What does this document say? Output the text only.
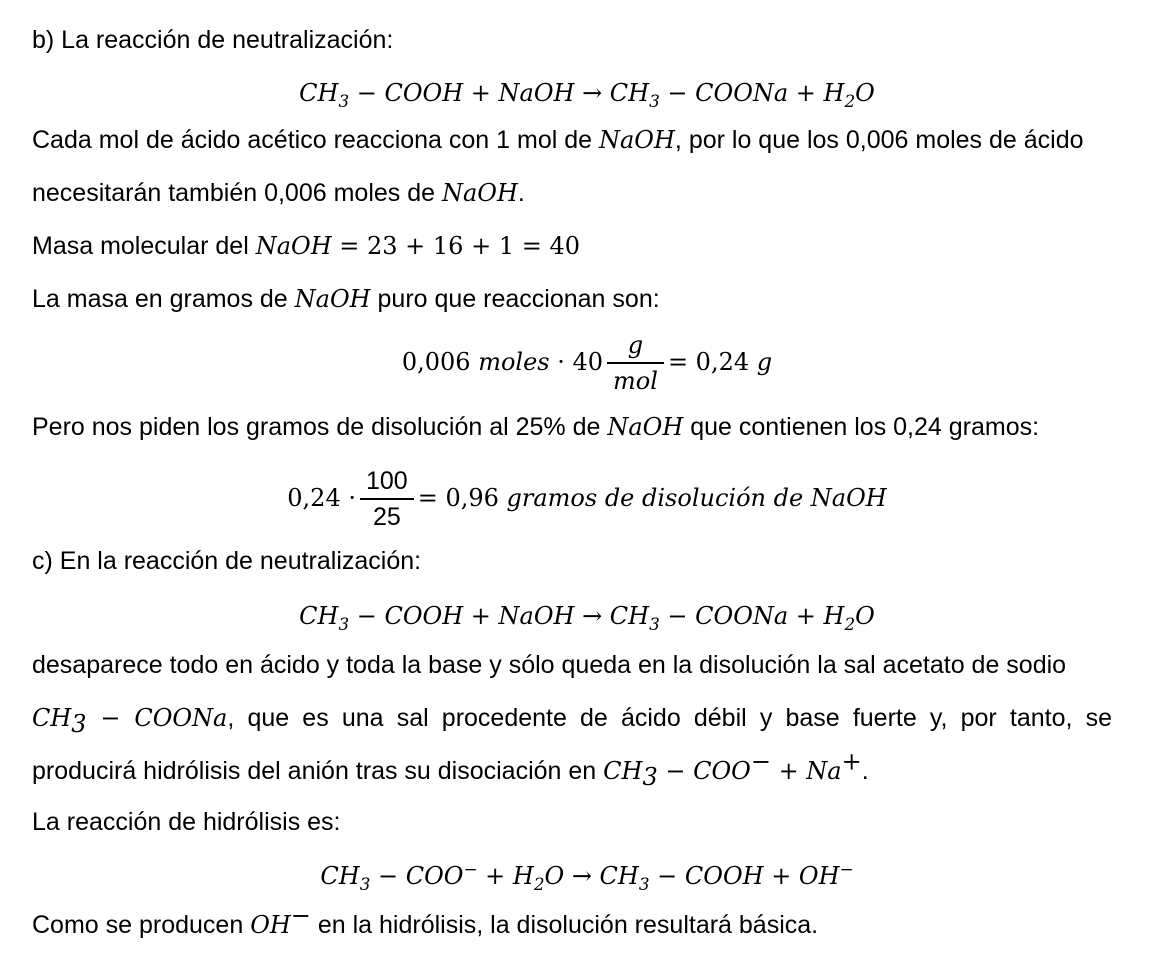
b) La reacción de neutralización:
$CH_3$ − COOH + NaOH → $CH_3$ − COONa + $H_2O$
Cada mol de ácido acético reacciona con 1 mol de NaOH, por lo que los 0,006 moles de ácido
necesitarán también 0,006 moles de NaOH.
Masa molecular del NaOH = 23 + 16 + 1 = 40
La masa en gramos de NaOH puro que reaccionan son:
0,006 moles · $40 \frac{g}{\text{mol}} = 0,24$ g
Pero nos piden los gramos de disolución al 25% de NaOH que contienen los 0,24 gramos:
$0,24 \cdot \frac{100}{25} = 0,96$ gramos de disolución de NaOH
c) En la reacción de neutralización:
$CH_3$ − COOH + NaOH → $CH_3$ − COONa + $H_2O$
desaparece todo en ácido y toda la base y sólo queda en la disolución la sal acetato de sodio
$CH_3$ − COONa, que es una sal procedente de ácido débil y base fuerte y, por tanto, se
producirá hidrólisis del anión tras su disociación en $CH_3 - COO^- + Na^+$.
La reacción de hidrólisis es:
$CH_3 - COO^- + H_2O \to CH_3$ − COOH + OH−
Como se producen OH− en la hidrólisis, la disolución resultará básica.
